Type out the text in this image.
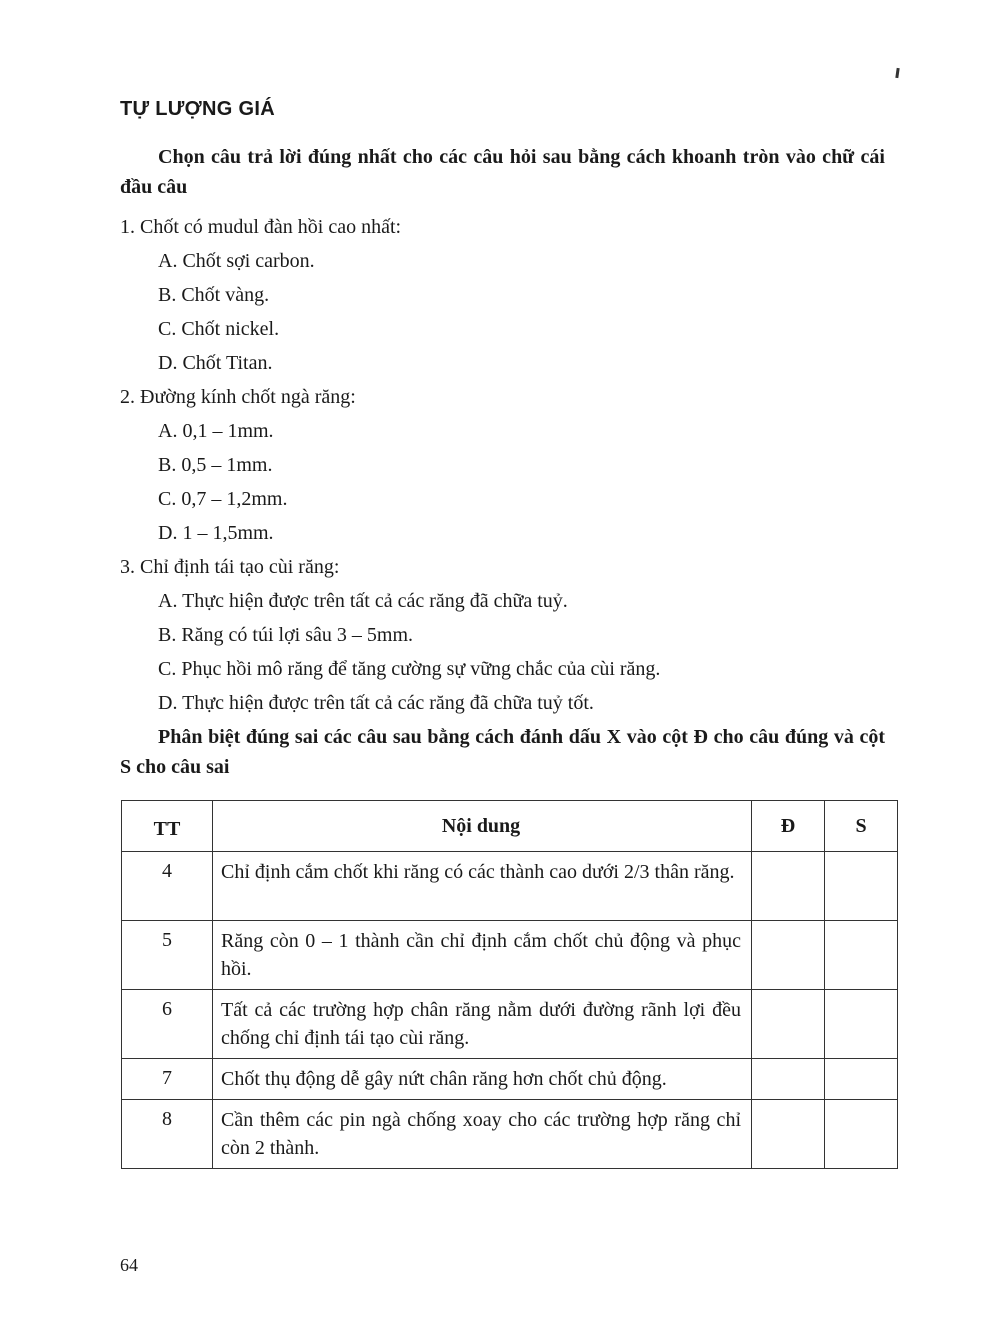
TỰ LƯỢNG GIÁ
Chọn câu trả lời đúng nhất cho các câu hỏi sau bằng cách khoanh tròn vào chữ cái đầu câu
1. Chốt có mudul đàn hồi cao nhất:
A. Chốt sợi carbon.
B. Chốt vàng.
C. Chốt nickel.
D. Chốt Titan.
2. Đường kính chốt ngà răng:
A. 0,1 – 1mm.
B. 0,5 – 1mm.
C. 0,7 – 1,2mm.
D. 1 – 1,5mm.
3. Chỉ định tái tạo cùi răng:
A. Thực hiện được trên tất cả các răng đã chữa tuỷ.
B. Răng có túi lợi sâu 3 – 5mm.
C. Phục hồi mô răng để tăng cường sự vững chắc của cùi răng.
D. Thực hiện được trên tất cả các răng đã chữa tuỷ tốt.
Phân biệt đúng sai các câu sau bằng cách đánh dấu X vào cột Đ cho câu đúng và cột S cho câu sai
TT	Nội dung	Đ	S
4	Chỉ định cắm chốt khi răng có các thành cao dưới 2/3 thân răng.		
5	Răng còn 0 – 1 thành cần chỉ định cắm chốt chủ động và phục hồi.		
6	Tất cả các trường hợp chân răng nằm dưới đường rãnh lợi đều chống chỉ định tái tạo cùi răng.		
7	Chốt thụ động dễ gây nứt chân răng hơn chốt chủ động.		
8	Cần thêm các pin ngà chống xoay cho các trường hợp răng chỉ còn 2 thành.		
64
